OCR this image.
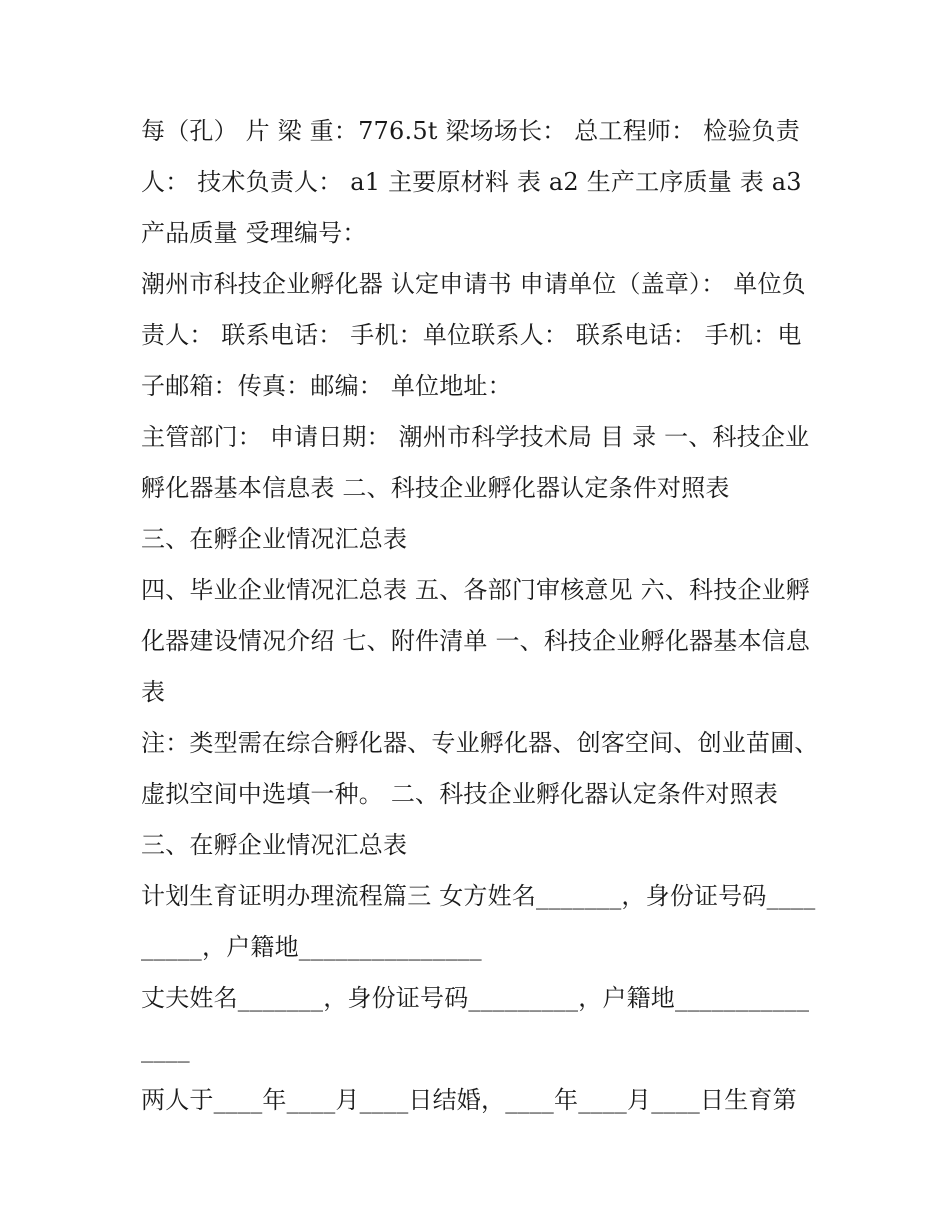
每（孔） 片 梁 重：776.5t 梁场场长： 总工程师： 检验负责人： 技术负责人： a1 主要原材料 表 a2 生产工序质量 表 a3 产品质量 受理编号：

潮州市科技企业孵化器 认定申请书 申请单位（盖章）： 单位负责人： 联系电话： 手机：单位联系人： 联系电话： 手机：电子邮箱：传真：邮编： 单位地址：

主管部门： 申请日期： 潮州市科学技术局 目 录 一、科技企业孵化器基本信息表 二、科技企业孵化器认定条件对照表

三、在孵企业情况汇总表

四、毕业企业情况汇总表 五、各部门审核意见 六、科技企业孵化器建设情况介绍 七、附件清单 一、科技企业孵化器基本信息表

注：类型需在综合孵化器、专业孵化器、创客空间、创业苗圃、虚拟空间中选填一种。 二、科技企业孵化器认定条件对照表 三、在孵企业情况汇总表

计划生育证明办理流程篇三 女方姓名_______，身份证号码_________，户籍地_______________

丈夫姓名_______，身份证号码_________，户籍地_______________

两人于____年____月____日结婚，____年____月____日生育第
